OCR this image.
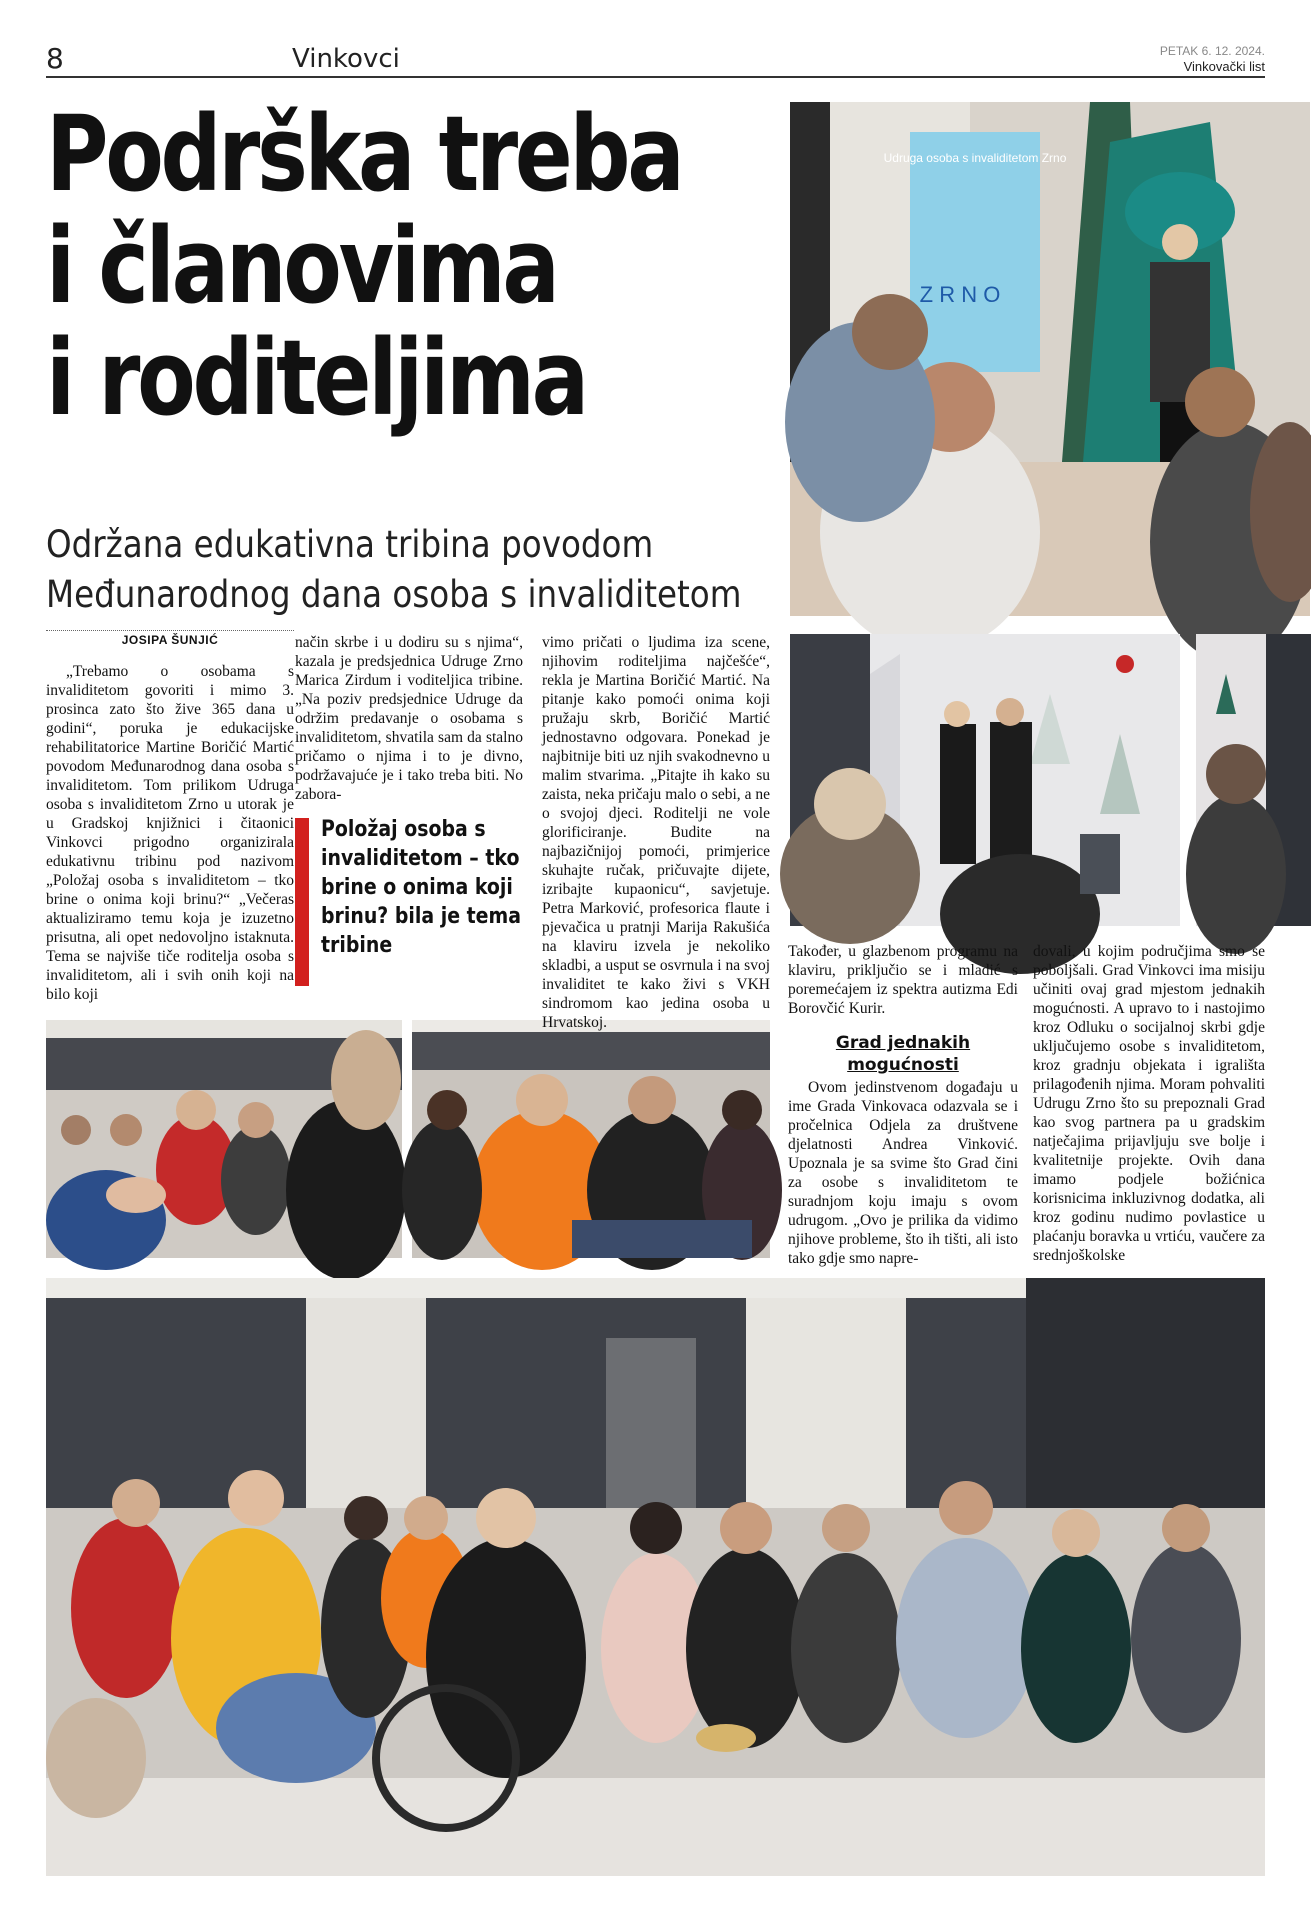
8	Vinkovci	PETAK 6. 12. 2024.
Vinkovački list
Podrška treba
i članovima
i roditeljima
Održana edukativna tribina povodom
Međunarodnog dana osoba s invaliditetom
Udruga osoba s invaliditetom Zrno
Z R N O
JOSIPA ŠUNJIĆ

„Trebamo o osobama s invaliditetom govoriti i mimo 3. prosinca zato što žive 365 dana u godini“, poruka je edukacijske rehabilitatorice Martine Boričić Martić povodom Međunarodnog dana osoba s invaliditetom. Tom prilikom Udruga osoba s invaliditetom Zrno u utorak je u Gradskoj knjižnici i čitaonici Vinkovci prigodno organizirala edukativnu tribinu pod nazivom „Položaj osoba s invaliditetom – tko brine o onima koji brinu?“ „Večeras aktualiziramo temu koja je izuzetno prisutna, ali opet nedovoljno istaknuta. Tema se najviše tiče roditelja osoba s invaliditetom, ali i svih onih koji na bilo koji

način skrbe i u dodiru su s njima“, kazala je predsjednica Udruge Zrno Marica Zirdum i voditeljica tribine. „Na poziv predsjednice Udruge da održim predavanje o osobama s invaliditetom, shvatila sam da stalno pričamo o njima i to je divno, podržavajuće je i tako treba biti. No zabora-

vimo pričati o ljudima iza scene, njihovim roditeljima najčešće“, rekla je Martina Boričić Martić. Na pitanje kako pomoći onima koji pružaju skrb, Boričić Martić jednostavno odgovara. Ponekad je najbitnije biti uz njih svakodnevno u malim stvarima. „Pitajte ih kako su zaista, neka pričaju malo o sebi, a ne o svojoj djeci. Roditelji ne vole glorificiranje. Budite na najbazičnijoj pomoći, primjerice skuhajte ručak, pričuvajte dijete, izribajte kupaonicu“, savjetuje. Petra Marković, profesorica flaute i pjevačica u pratnji Marija Rakušića na klaviru izvela je nekoliko skladbi, a usput se osvrnula i na svoj invaliditet te kako živi s VKH sindromom kao jedina osoba u Hrvatskoj.

Također, u glazbenom programu na klaviru, priključio se i mladić s poremećajem iz spektra autizma Edi Borovčić Kurir.

Grad jednakih mogućnosti

Ovom jedinstvenom događaju u ime Grada Vinkovaca odazvala se i pročelnica Odjela za društvene djelatnosti Andrea Vinković. Upoznala je sa svime što Grad čini za osobe s invaliditetom te suradnjom koju imaju s ovom udrugom. „Ovo je prilika da vidimo njihove probleme, što ih tišti, ali isto tako gdje smo napre-

dovali, u kojim područjima smo se poboljšali. Grad Vinkovci ima misiju učiniti ovaj grad mjestom jednakih mogućnosti. A upravo to i nastojimo kroz Odluku o socijalnoj skrbi gdje uključujemo osobe s invaliditetom, kroz gradnju objekata i igrališta prilagođenih njima. Moram pohvaliti Udrugu Zrno što su prepoznali Grad kao svog partnera pa u gradskim natječajima prijavljuju sve bolje i kvalitetnije projekte. Ovih dana imamo podjele božićnica korisnicima inkluzivnog dodatka, ali kroz godinu nudimo povlastice u plaćanju boravka u vrtiću, vaučere za srednjoškolske

Položaj osoba s invaliditetom – tko brine o onima koji brinu? bila je tema tribine
